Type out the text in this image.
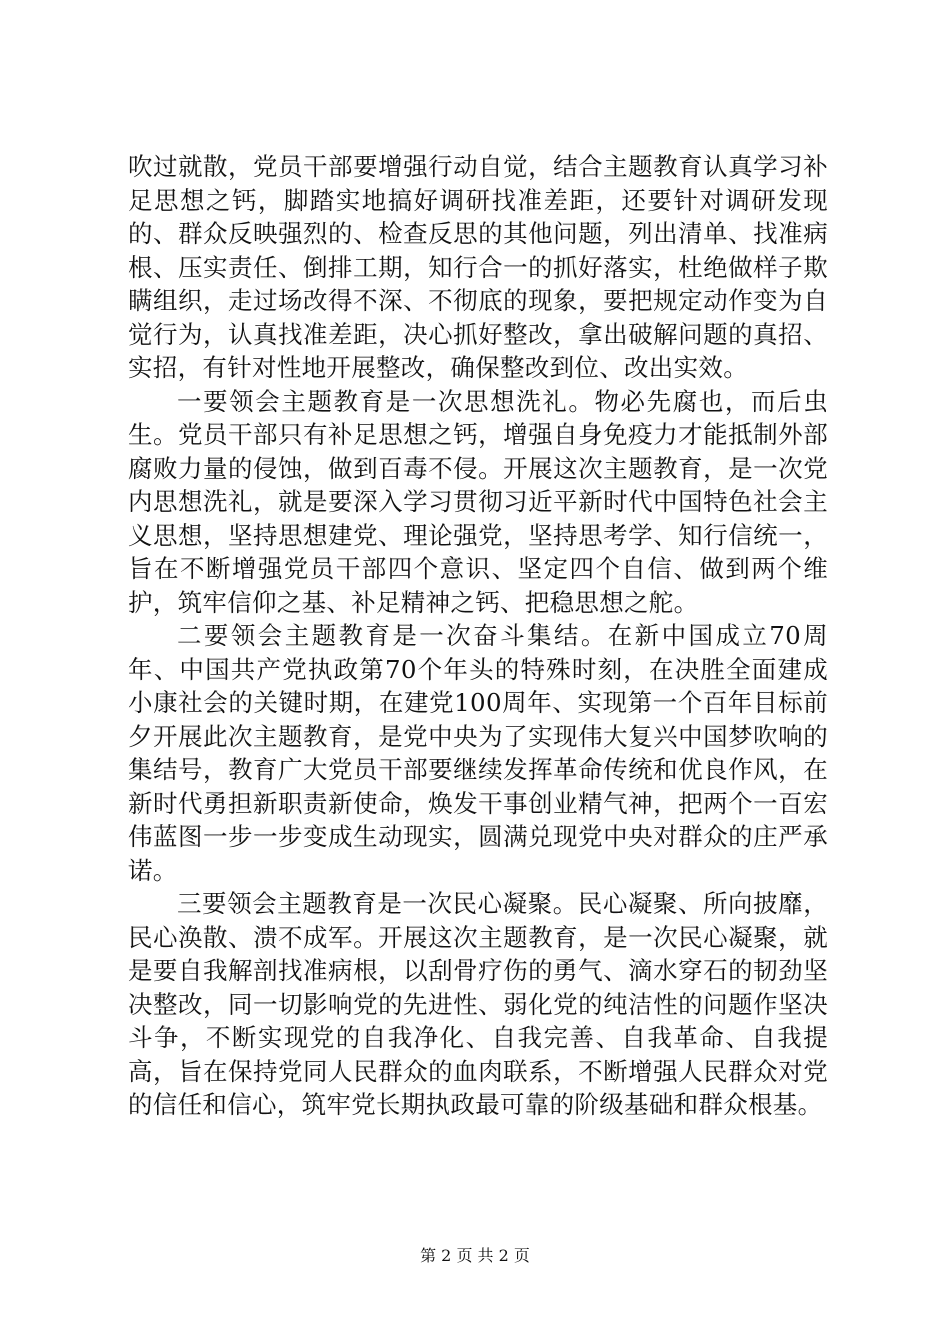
吹过就散，党员干部要增强行动自觉，结合主题教育认真学习补足思想之钙，脚踏实地搞好调研找准差距，还要针对调研发现的、群众反映强烈的、检查反思的其他问题，列出清单、找准病根、压实责任、倒排工期，知行合一的抓好落实，杜绝做样子欺瞒组织，走过场改得不深、不彻底的现象，要把规定动作变为自觉行为，认真找准差距，决心抓好整改，拿出破解问题的真招、实招，有针对性地开展整改，确保整改到位、改出实效。

一要领会主题教育是一次思想洗礼。物必先腐也，而后虫生。党员干部只有补足思想之钙，增强自身免疫力才能抵制外部腐败力量的侵蚀，做到百毒不侵。开展这次主题教育，是一次党内思想洗礼，就是要深入学习贯彻习近平新时代中国特色社会主义思想，坚持思想建党、理论强党，坚持思考学、知行信统一，旨在不断增强党员干部四个意识、坚定四个自信、做到两个维护，筑牢信仰之基、补足精神之钙、把稳思想之舵。

二要领会主题教育是一次奋斗集结。在新中国成立70周年、中国共产党执政第70个年头的特殊时刻，在决胜全面建成小康社会的关键时期，在建党100周年、实现第一个百年目标前夕开展此次主题教育，是党中央为了实现伟大复兴中国梦吹响的集结号，教育广大党员干部要继续发挥革命传统和优良作风，在新时代勇担新职责新使命，焕发干事创业精气神，把两个一百宏伟蓝图一步一步变成生动现实，圆满兑现党中央对群众的庄严承诺。

三要领会主题教育是一次民心凝聚。民心凝聚、所向披靡，民心涣散、溃不成军。开展这次主题教育，是一次民心凝聚，就是要自我解剖找准病根，以刮骨疗伤的勇气、滴水穿石的韧劲坚决整改，同一切影响党的先进性、弱化党的纯洁性的问题作坚决斗争，不断实现党的自我净化、自我完善、自我革命、自我提高，旨在保持党同人民群众的血肉联系，不断增强人民群众对党的信任和信心，筑牢党长期执政最可靠的阶级基础和群众根基。

第 2 页 共 2 页
